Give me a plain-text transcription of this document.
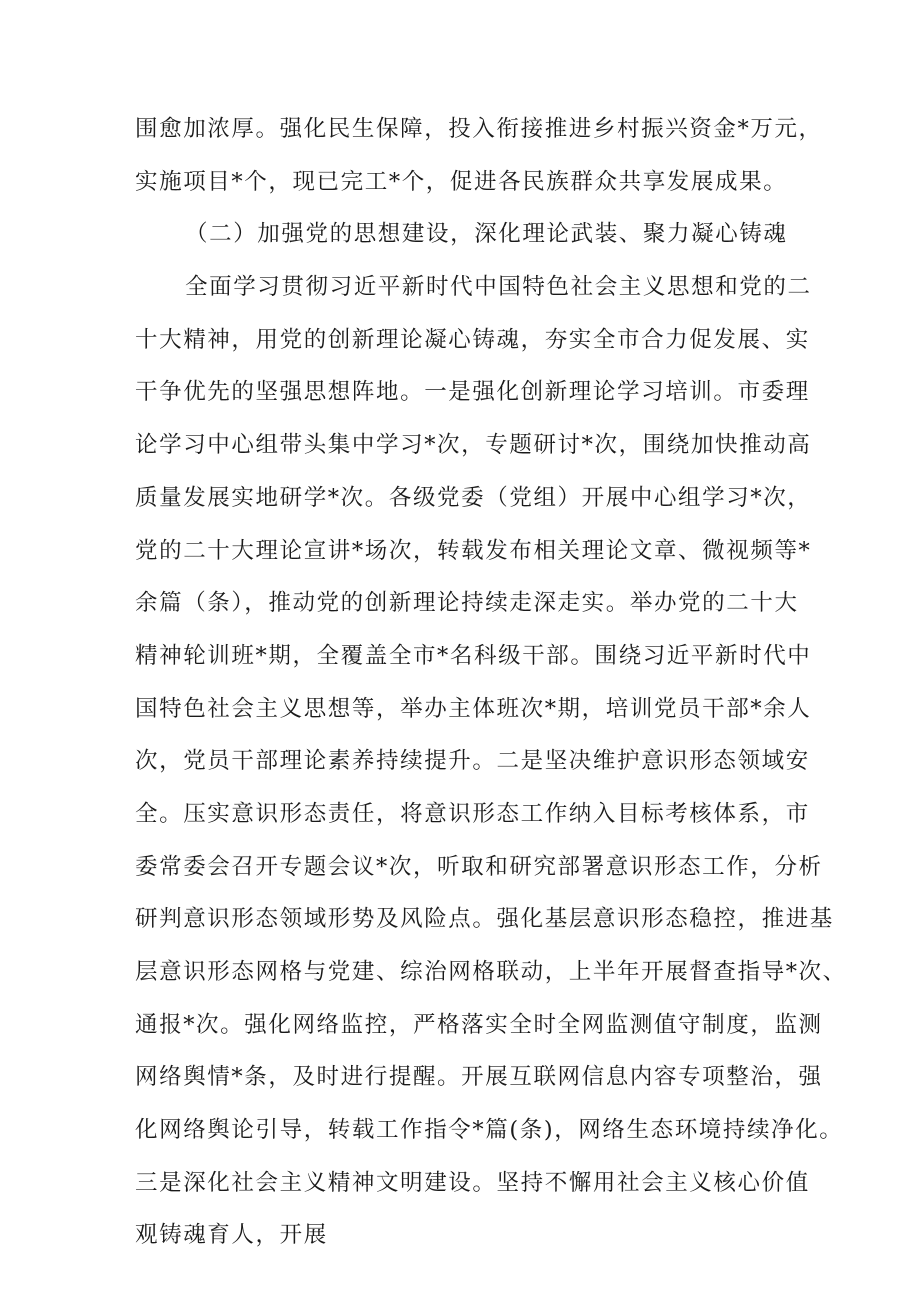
围愈加浓厚。强化民生保障，投入衔接推进乡村振兴资金*万元，
实施项目*个，现已完工*个，促进各民族群众共享发展成果。
（二）加强党的思想建设，深化理论武装、聚力凝心铸魂
全面学习贯彻习近平新时代中国特色社会主义思想和党的二
十大精神，用党的创新理论凝心铸魂，夯实全市合力促发展、实
干争优先的坚强思想阵地。一是强化创新理论学习培训。市委理
论学习中心组带头集中学习*次，专题研讨*次，围绕加快推动高
质量发展实地研学*次。各级党委（党组）开展中心组学习*次，
党的二十大理论宣讲*场次，转载发布相关理论文章、微视频等*
余篇（条），推动党的创新理论持续走深走实。举办党的二十大
精神轮训班*期，全覆盖全市*名科级干部。围绕习近平新时代中
国特色社会主义思想等，举办主体班次*期，培训党员干部*余人
次，党员干部理论素养持续提升。二是坚决维护意识形态领域安
全。压实意识形态责任，将意识形态工作纳入目标考核体系，市
委常委会召开专题会议*次，听取和研究部署意识形态工作，分析
研判意识形态领域形势及风险点。强化基层意识形态稳控，推进基
层意识形态网格与党建、综治网格联动，上半年开展督查指导*次、
通报*次。强化网络监控，严格落实全时全网监测值守制度，监测
网络舆情*条，及时进行提醒。开展互联网信息内容专项整治，强
化网络舆论引导，转载工作指令*篇(条)，网络生态环境持续净化。
三是深化社会主义精神文明建设。坚持不懈用社会主义核心价值
观铸魂育人，开展
